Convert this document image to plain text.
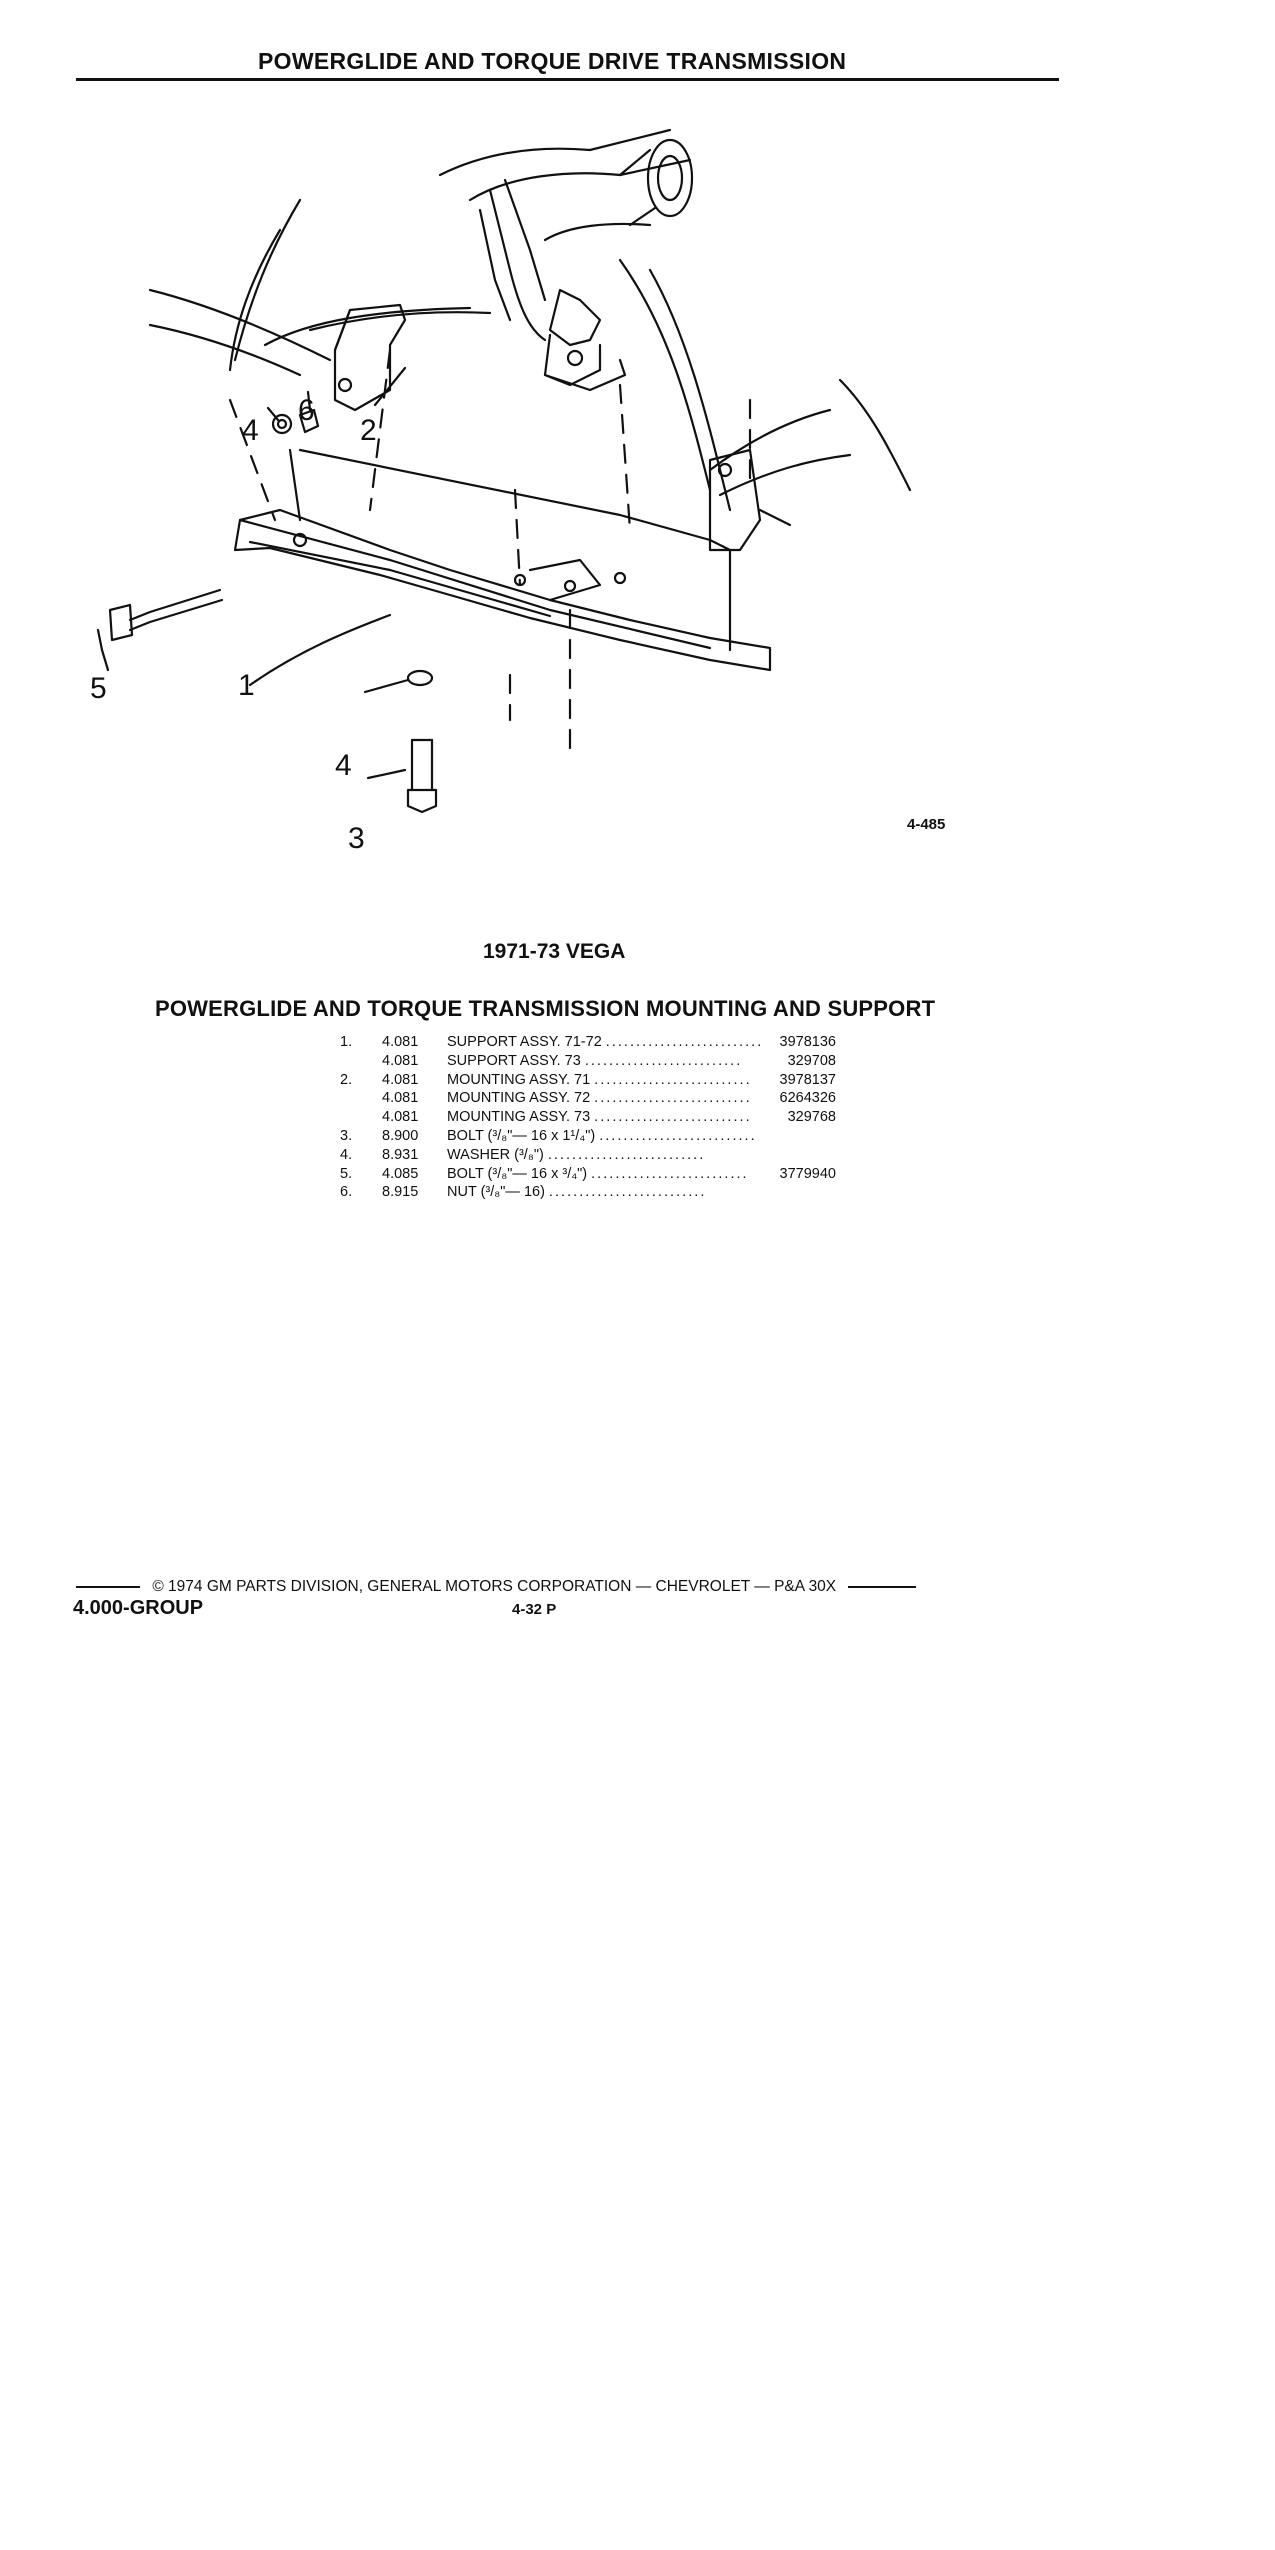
POWERGLIDE AND TORQUE DRIVE TRANSMISSION
1
2
3
4
4
5
6
4-485
1971-73 VEGA
POWERGLIDE AND TORQUE TRANSMISSION MOUNTING AND SUPPORT
1.	4.081 SUPPORT ASSY. 71-72	3978136
. . . . . . . . . . . . . . . . . . . . . . . . . .
4.081 SUPPORT ASSY. 73	329708
. . . . . . . . . . . . . . . . . . . . . . . . . .
2.	4.081 MOUNTING ASSY. 71	3978137
. . . . . . . . . . . . . . . . . . . . . . . . . .
4.081 MOUNTING ASSY. 72	6264326
. . . . . . . . . . . . . . . . . . . . . . . . . .
4.081 MOUNTING ASSY. 73	329768
. . . . . . . . . . . . . . . . . . . . . . . . . .
3.	8.900 BOLT (³/₈"— 16 x 1¹/₄") . . . . . . . . . . . . . . . . . . . . . . . . . .
4.	8.931 WASHER (³/₈") . . . . . . . . . . . . . . . . . . . . . . . . . .
5.	4.085 BOLT (³/₈"— 16 x ³/₄")	3779940
. . . . . . . . . . . . . . . . . . . . . . . . . .
6.	8.915 NUT (³/₈"— 16) . . . . . . . . . . . . . . . . . . . . . . . . . .
© 1974 GM PARTS DIVISION, GENERAL MOTORS CORPORATION — CHEVROLET — P&A 30X
4.000-GROUP	4-32 P
